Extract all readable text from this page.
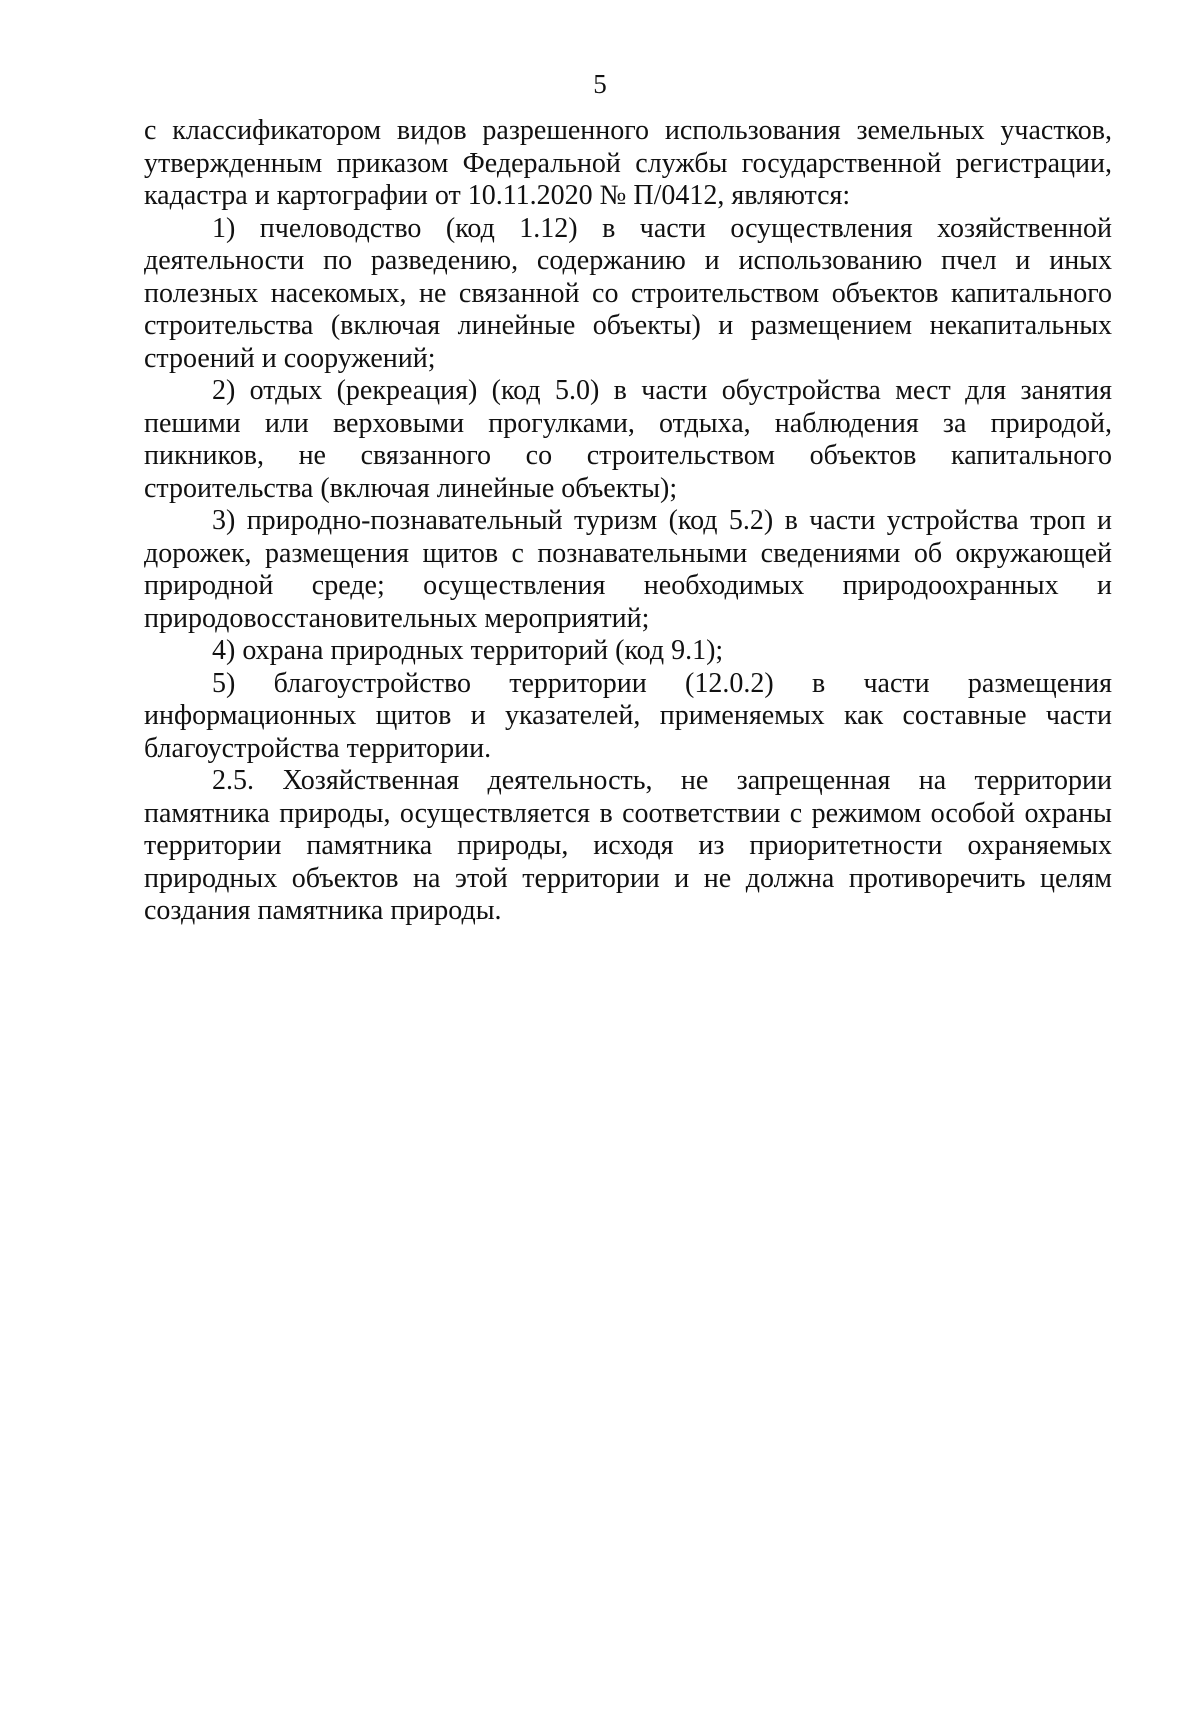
5

с классификатором видов разрешенного использования земельных участков, утвержденным приказом Федеральной службы государственной регистрации, кадастра и картографии от 10.11.2020 № П/0412, являются:

1) пчеловодство (код 1.12) в части осуществления хозяйственной деятельности по разведению, содержанию и использованию пчел и иных полезных насекомых, не связанной со строительством объектов капитального строительства (включая линейные объекты) и размещением некапитальных строений и сооружений;

2) отдых (рекреация) (код 5.0) в части обустройства мест для занятия пешими или верховыми прогулками, отдыха, наблюдения за природой, пикников, не связанного со строительством объектов капитального строительства (включая линейные объекты);

3) природно-познавательный туризм (код 5.2) в части устройства троп и дорожек, размещения щитов с познавательными сведениями об окружающей природной среде; осуществления необходимых природоохранных и природовосстановительных мероприятий;

4) охрана природных территорий (код 9.1);

5) благоустройство территории (12.0.2) в части размещения информационных щитов и указателей, применяемых как составные части благоустройства территории.

2.5. Хозяйственная деятельность, не запрещенная на территории памятника природы, осуществляется в соответствии с режимом особой охраны территории памятника природы, исходя из приоритетности охраняемых природных объектов на этой территории и не должна противоречить целям создания памятника природы.
